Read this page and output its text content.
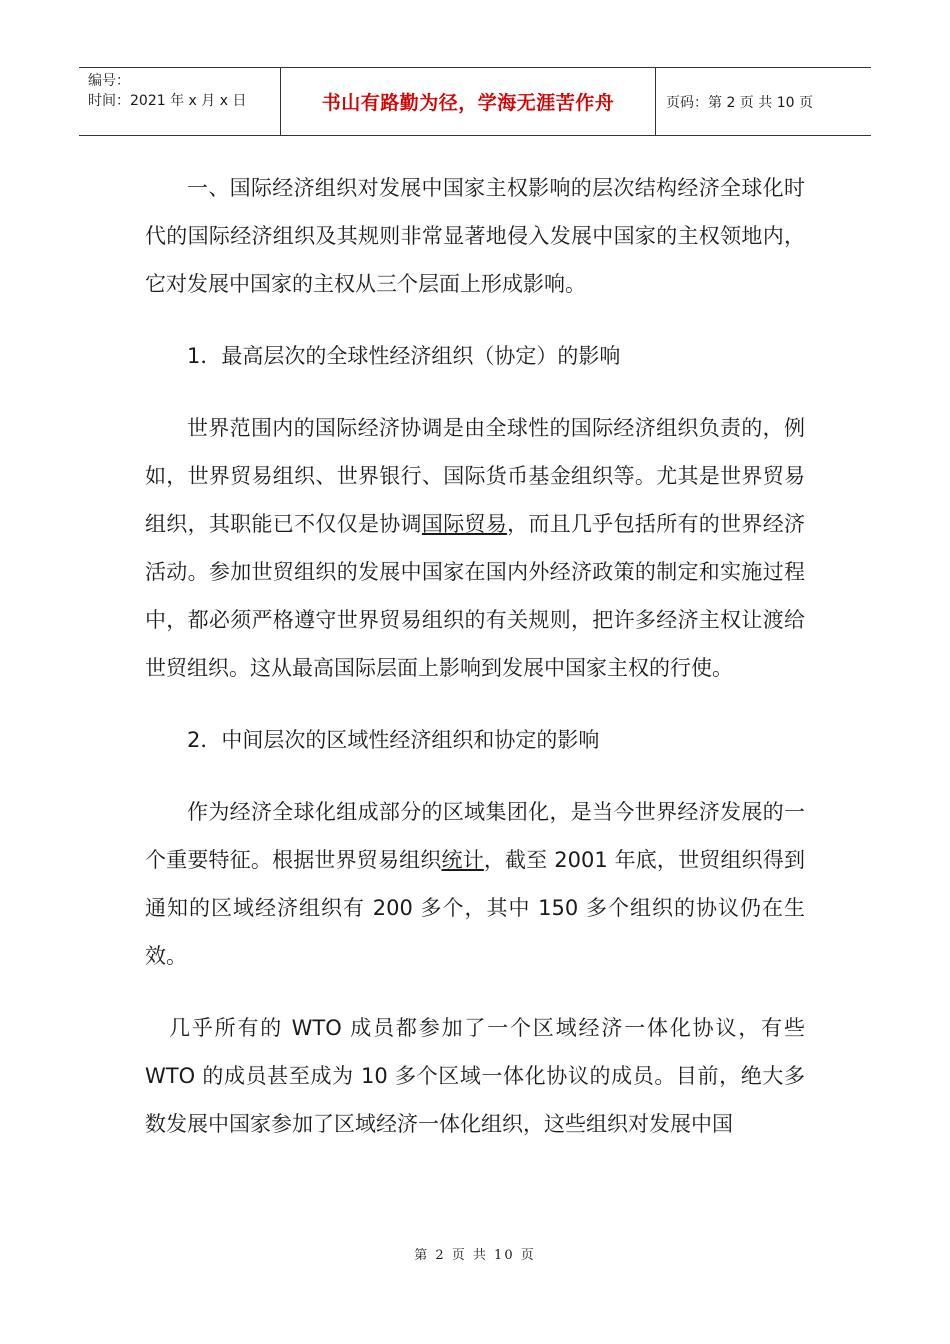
编号：
时间：2021 年 x 月 x 日	书山有路勤为径，学海无涯苦作舟	页码：第 2 页 共 10 页

一、国际经济组织对发展中国家主权影响的层次结构经济全球化时代的国际经济组织及其规则非常显著地侵入发展中国家的主权领地内，它对发展中国家的主权从三个层面上形成影响。

1．最高层次的全球性经济组织（协定）的影响

世界范围内的国际经济协调是由全球性的国际经济组织负责的，例如，世界贸易组织、世界银行、国际货币基金组织等。尤其是世界贸易组织，其职能已不仅仅是协调国际贸易，而且几乎包括所有的世界经济活动。参加世贸组织的发展中国家在国内外经济政策的制定和实施过程中，都必须严格遵守世界贸易组织的有关规则，把许多经济主权让渡给世贸组织。这从最高国际层面上影响到发展中国家主权的行使。

2．中间层次的区域性经济组织和协定的影响

作为经济全球化组成部分的区域集团化，是当今世界经济发展的一个重要特征。根据世界贸易组织统计，截至 2001 年底，世贸组织得到通知的区域经济组织有 200 多个，其中 150 多个组织的协议仍在生效。

几乎所有的 WTO 成员都参加了一个区域经济一体化协议，有些 WTO 的成员甚至成为 10 多个区域一体化协议的成员。目前，绝大多数发展中国家参加了区域经济一体化组织，这些组织对发展中国

第 2 页 共 10 页
